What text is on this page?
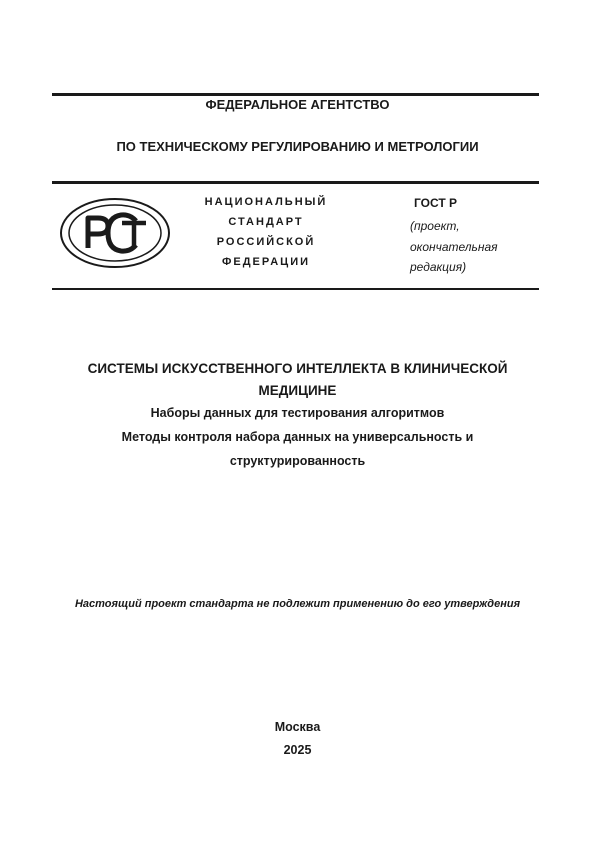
ФЕДЕРАЛЬНОЕ АГЕНТСТВО
ПО ТЕХНИЧЕСКОМУ РЕГУЛИРОВАНИЮ И МЕТРОЛОГИИ
НАЦИОНАЛЬНЫЙ
СТАНДАРТ
РОССИЙСКОЙ
ФЕДЕРАЦИИ
ГОСТ Р
(проект,
окончательная
редакция)
СИСТЕМЫ ИСКУССТВЕННОГО ИНТЕЛЛЕКТА В КЛИНИЧЕСКОЙ
МЕДИЦИНЕ
Наборы данных для тестирования алгоритмов
Методы контроля набора данных на универсальность и
структурированность
Настоящий проект стандарта не подлежит применению до его утверждения
Москва
2025
